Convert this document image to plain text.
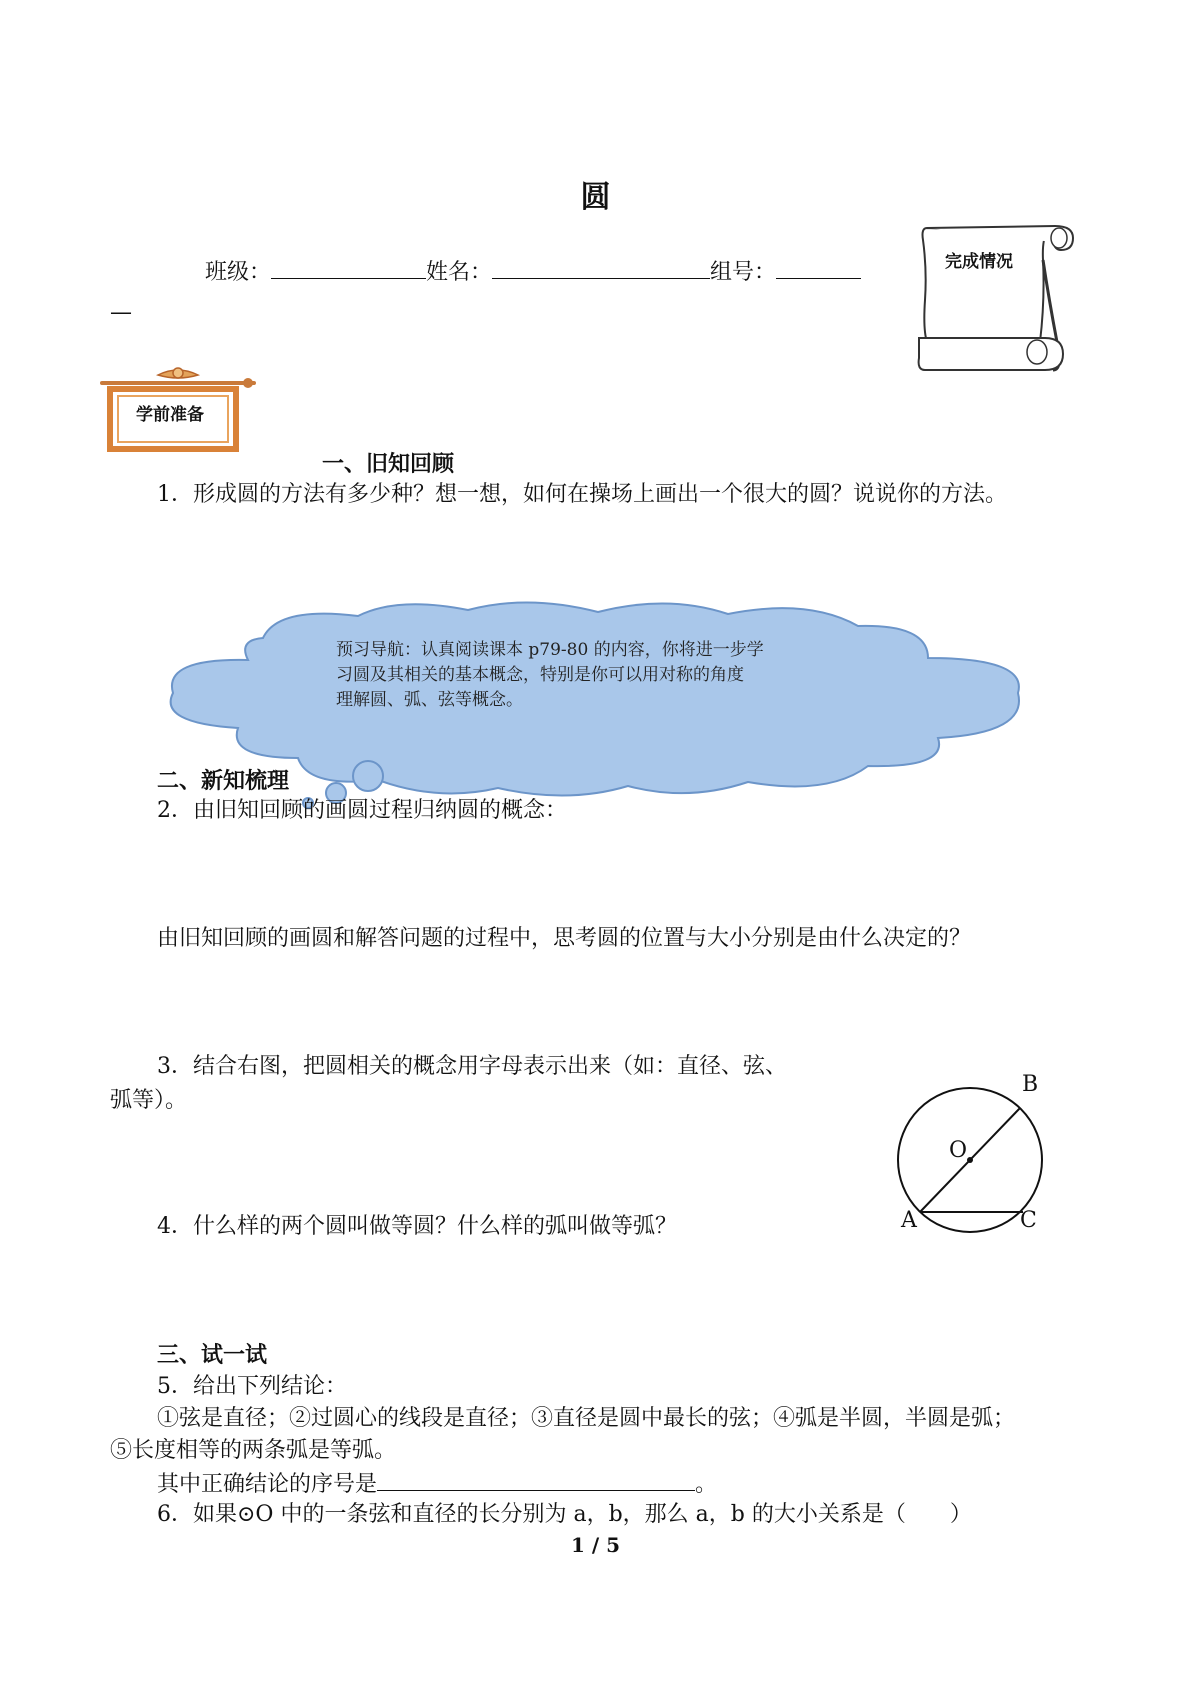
圆
班级：	姓名：	组号：
—
完成情况
学前准备
一、旧知回顾
1．形成圆的方法有多少种？想一想，如何在操场上画出一个很大的圆？说说你的方法。
预习导航：认真阅读课本 p79-80 的内容，你将进一步学
习圆及其相关的基本概念，特别是你可以用对称的角度
理解圆、弧、弦等概念。
二、新知梳理
2．由旧知回顾的画圆过程归纳圆的概念：
由旧知回顾的画圆和解答问题的过程中，思考圆的位置与大小分别是由什么决定的？
3．结合右图，把圆相关的概念用字母表示出来（如：直径、弦、
弧等）。
4．什么样的两个圆叫做等圆？什么样的弧叫做等弧？
B
O
A	C
三、试一试
5．给出下列结论：
①弦是直径；②过圆心的线段是直径；③直径是圆中最长的弦；④弧是半圆，半圆是弧；
⑤长度相等的两条弧是等弧。
其中正确结论的序号是	。
6．如果⊙O 中的一条弦和直径的长分别为 a，b，那么 a，b 的大小关系是（　　）
1 / 5
